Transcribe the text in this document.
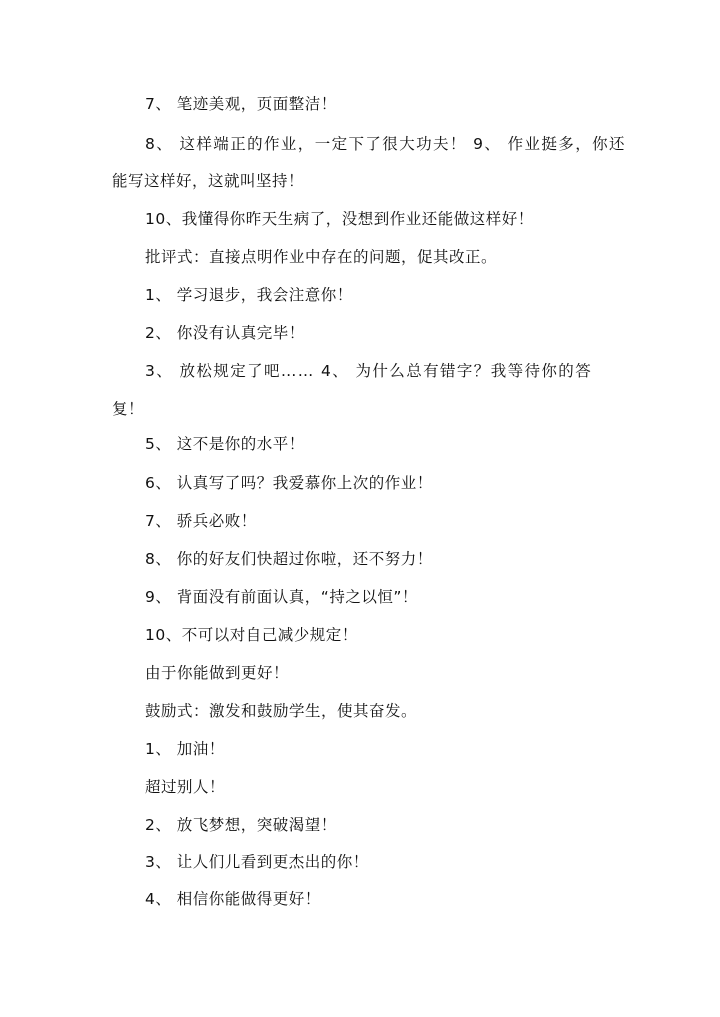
7、 笔迹美观，页面整洁！
8、 这样端正的作业，一定下了很大功夫！ 9、 作业挺多，你还
能写这样好，这就叫坚持！
10、我懂得你昨天生病了，没想到作业还能做这样好！
批评式：直接点明作业中存在的问题，促其改正。
1、 学习退步，我会注意你！
2、 你没有认真完毕！
3、 放松规定了吧…… 4、 为什么总有错字？我等待你的答
复！
5、 这不是你的水平！
6、 认真写了吗？我爱慕你上次的作业！
7、 骄兵必败！
8、 你的好友们快超过你啦，还不努力！
9、 背面没有前面认真，“持之以恒”！
10、不可以对自己减少规定！
由于你能做到更好！
鼓励式：激发和鼓励学生，使其奋发。
1、 加油！
超过别人！
2、 放飞梦想，突破渴望！
3、 让人们儿看到更杰出的你！
4、 相信你能做得更好！
